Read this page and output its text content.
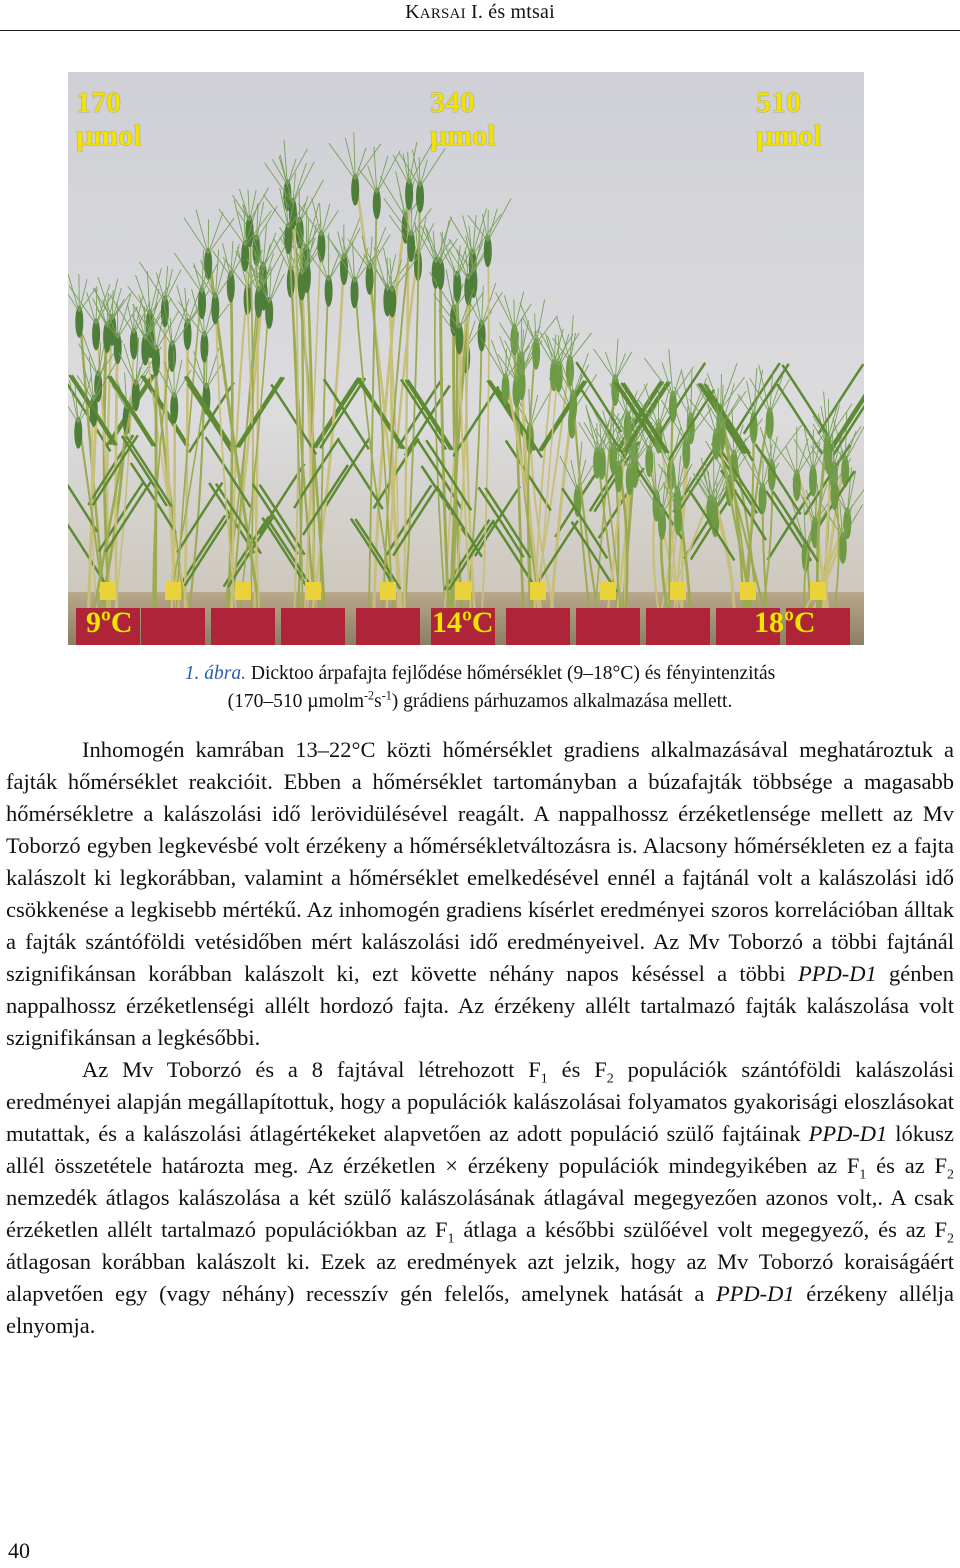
KARSAI I. és mtsai
170
µmol
340
µmol
510
µmol
9ºC	14ºC	18ºC
1. ábra. Dicktoo árpafajta fejlődése hőmérséklet (9–18°C) és fényintenzitás
(170–510 $\mu molm^{-2}s^{-1}$) grádiens párhuzamos alkalmazása mellett.

Inhomogén kamrában 13–22°C közti hőmérséklet gradiens alkalmazásával meghatároztuk a fajták hőmérséklet reakcióit. Ebben a hőmérséklet tartományban a búzafajták többsége a magasabb hőmérsékletre a kalászolási idő lerövidülésével reagált. A nappalhossz érzéketlensége mellett az Mv Toborzó egyben legkevésbé volt érzékeny a hőmérsékletváltozásra is. Alacsony hőmérsékleten ez a fajta kalászolt ki legkorábban, valamint a hőmérséklet emelkedésével ennél a fajtánál volt a kalászolási idő csökkenése a legkisebb mértékű. Az inhomogén gradiens kísérlet eredményei szoros korrelációban álltak a fajták szántóföldi vetésidőben mért kalászolási idő eredményeivel. Az Mv Toborzó a többi fajtánál szignifikánsan korábban kalászolt ki, ezt követte néhány napos késéssel a többi PPD-D1 génben nappalhossz érzéketlenségi allélt hordozó fajta. Az érzékeny allélt tartalmazó fajták kalászolása volt szignifikánsan a legkésőbbi.

Az Mv Toborzó és a 8 fajtával létrehozott $F_1$ és $F_2$ populációk szántóföldi kalászolási eredményei alapján megállapítottuk, hogy a populációk kalászolásai folyamatos gyakorisági eloszlásokat mutattak, és a kalászolási átlagértékeket alapvetően az adott populáció szülő fajtáinak PPD-D1 lókusz allél összetétele határozta meg. Az érzéketlen × érzékeny populációk mindegyikében az $F_1$ és az $F_2$ nemzedék átlagos kalászolása a két szülő kalászolásának átlagával megegyezően azonos volt,. A csak érzéketlen allélt tartalmazó populációkban az $F_1$ átlaga a későbbi szülőével volt megegyező, és az $F_2$ átlagosan korábban kalászolt ki. Ezek az eredmények azt jelzik, hogy az Mv Toborzó koraiságáért alapvetően egy (vagy néhány) recesszív gén felelős, amelynek hatását a PPD-D1 érzékeny allélja elnyomja.

40
